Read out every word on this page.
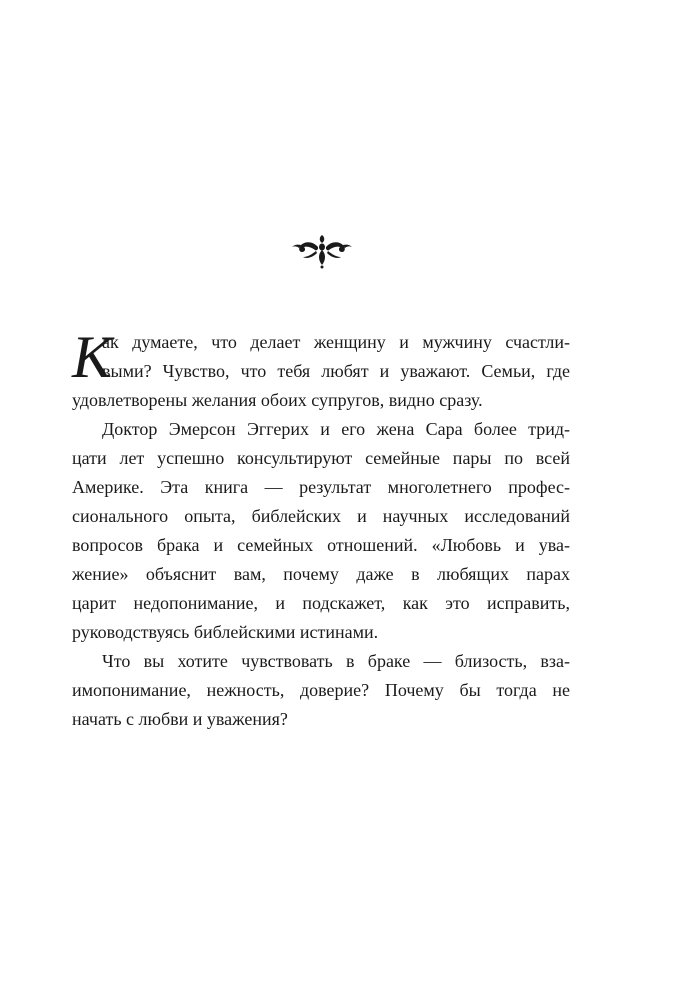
К
ак думаете, что делает женщину и мужчину счастли-
выми? Чувство, что тебя любят и уважают. Семьи, где
удовлетворены желания обоих супругов, видно сразу.
Доктор Эмерсон Эггерих и его жена Сара более трид-
цати лет успешно консультируют семейные пары по всей
Америке. Эта книга — результат многолетнего профес-
сионального опыта, библейских и научных исследований
вопросов брака и семейных отношений. «Любовь и ува-
жение» объяснит вам, почему даже в любящих парах
царит недопонимание, и подскажет, как это исправить,
руководствуясь библейскими истинами.
Что вы хотите чувствовать в браке — близость, вза-
имопонимание, нежность, доверие? Почему бы тогда не
начать с любви и уважения?
